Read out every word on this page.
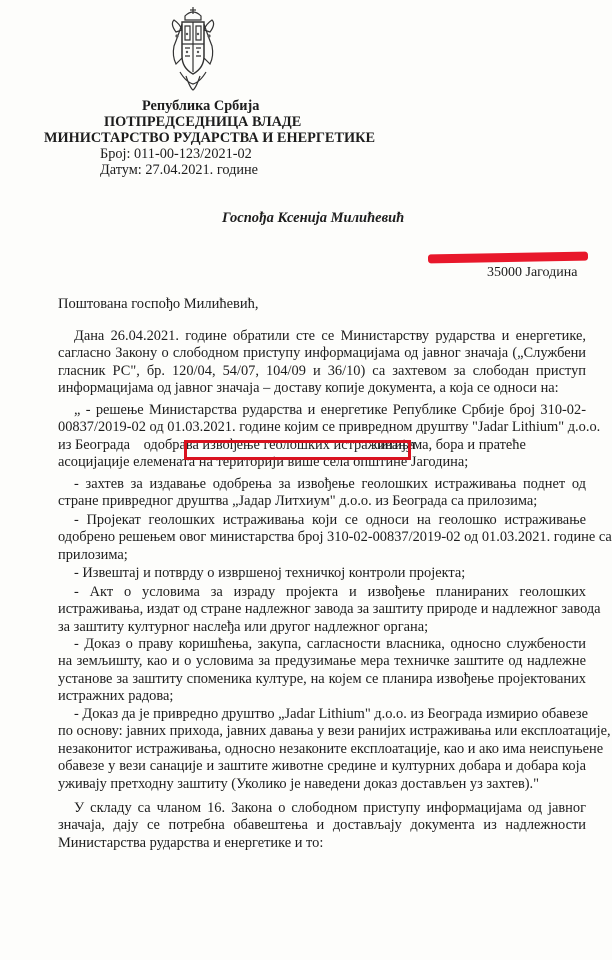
Република Србија
ПОТПРЕДСЕДНИЦА ВЛАДЕ
МИНИСТАРСТВО РУДАРСТВА И ЕНЕРГЕТИКЕ
Број: 011-00-123/2021-02
Датум: 27.04.2021. године
Госпођа Ксенија Милићевић
35000 Јагодина
Поштована госпођо Милићевић,
Дана 26.04.2021. године обратили сте се Министарству рударства и енергетике,
сагласно Закону о слободном приступу информацијама од јавног значаја („Службени
гласник РС", бр. 120/04, 54/07, 104/09 и 36/10) са захтевом за слободан приступ
информацијама од јавног значаја – доставу копије документа, а која се односи на:
„ - решење Министарства рударства и енергетике Републике Србије број 310-02-
00837/2019-02 од 01.03.2021. године којим се привредном друштву "Jadar Lithium" д.о.о.
из Београда одобрава извођење геолошких истраживања литијума, бора и пратеће
асоцијације елемената на територији више села општине Јагодина;
- захтев за издавање одобрења за извођење геолошких истраживања поднет од
стране привредног друштва „Јадар Литхиум" д.о.о. из Београда са прилозима;
- Пројекат геолошких истраживања који се односи на геолошко истраживање
одобрено решењем овог министарства број 310-02-00837/2019-02 од 01.03.2021. године са
прилозима;
- Извештај и потврду о извршеној техничкој контроли пројекта;
- Акт о условима за израду пројекта и извођење планираних геолошких
истраживања, издат од стране надлежног завода за заштиту природе и надлежног завода
за заштиту културног наслеђа или другог надлежног органа;
- Доказ о праву коришћења, закупа, сагласности власника, односно службености
на земљишту, као и о условима за предузимање мера техничке заштите од надлежне
установе за заштиту споменика културе, на којем се планира извођење пројектованих
истражних радова;
- Доказ да је привредно друштво „Jadar Lithium" д.о.о. из Београда измирио обавезе
по основу: јавних прихода, јавних давања у вези ранијих истраживања или експлоатације,
незаконитог истраживања, односно незаконите експлоатације, као и ако има неиспуњене
обавезе у вези санације и заштите животне средине и културних добара и добара која
уживају претходну заштиту (Уколико је наведени доказ достављен уз захтев)."
У складу са чланом 16. Закона о слободном приступу информацијама од јавног
значаја, дају се потребна обавештења и достављају документа из надлежности
Министарства рударства и енергетике и то:
